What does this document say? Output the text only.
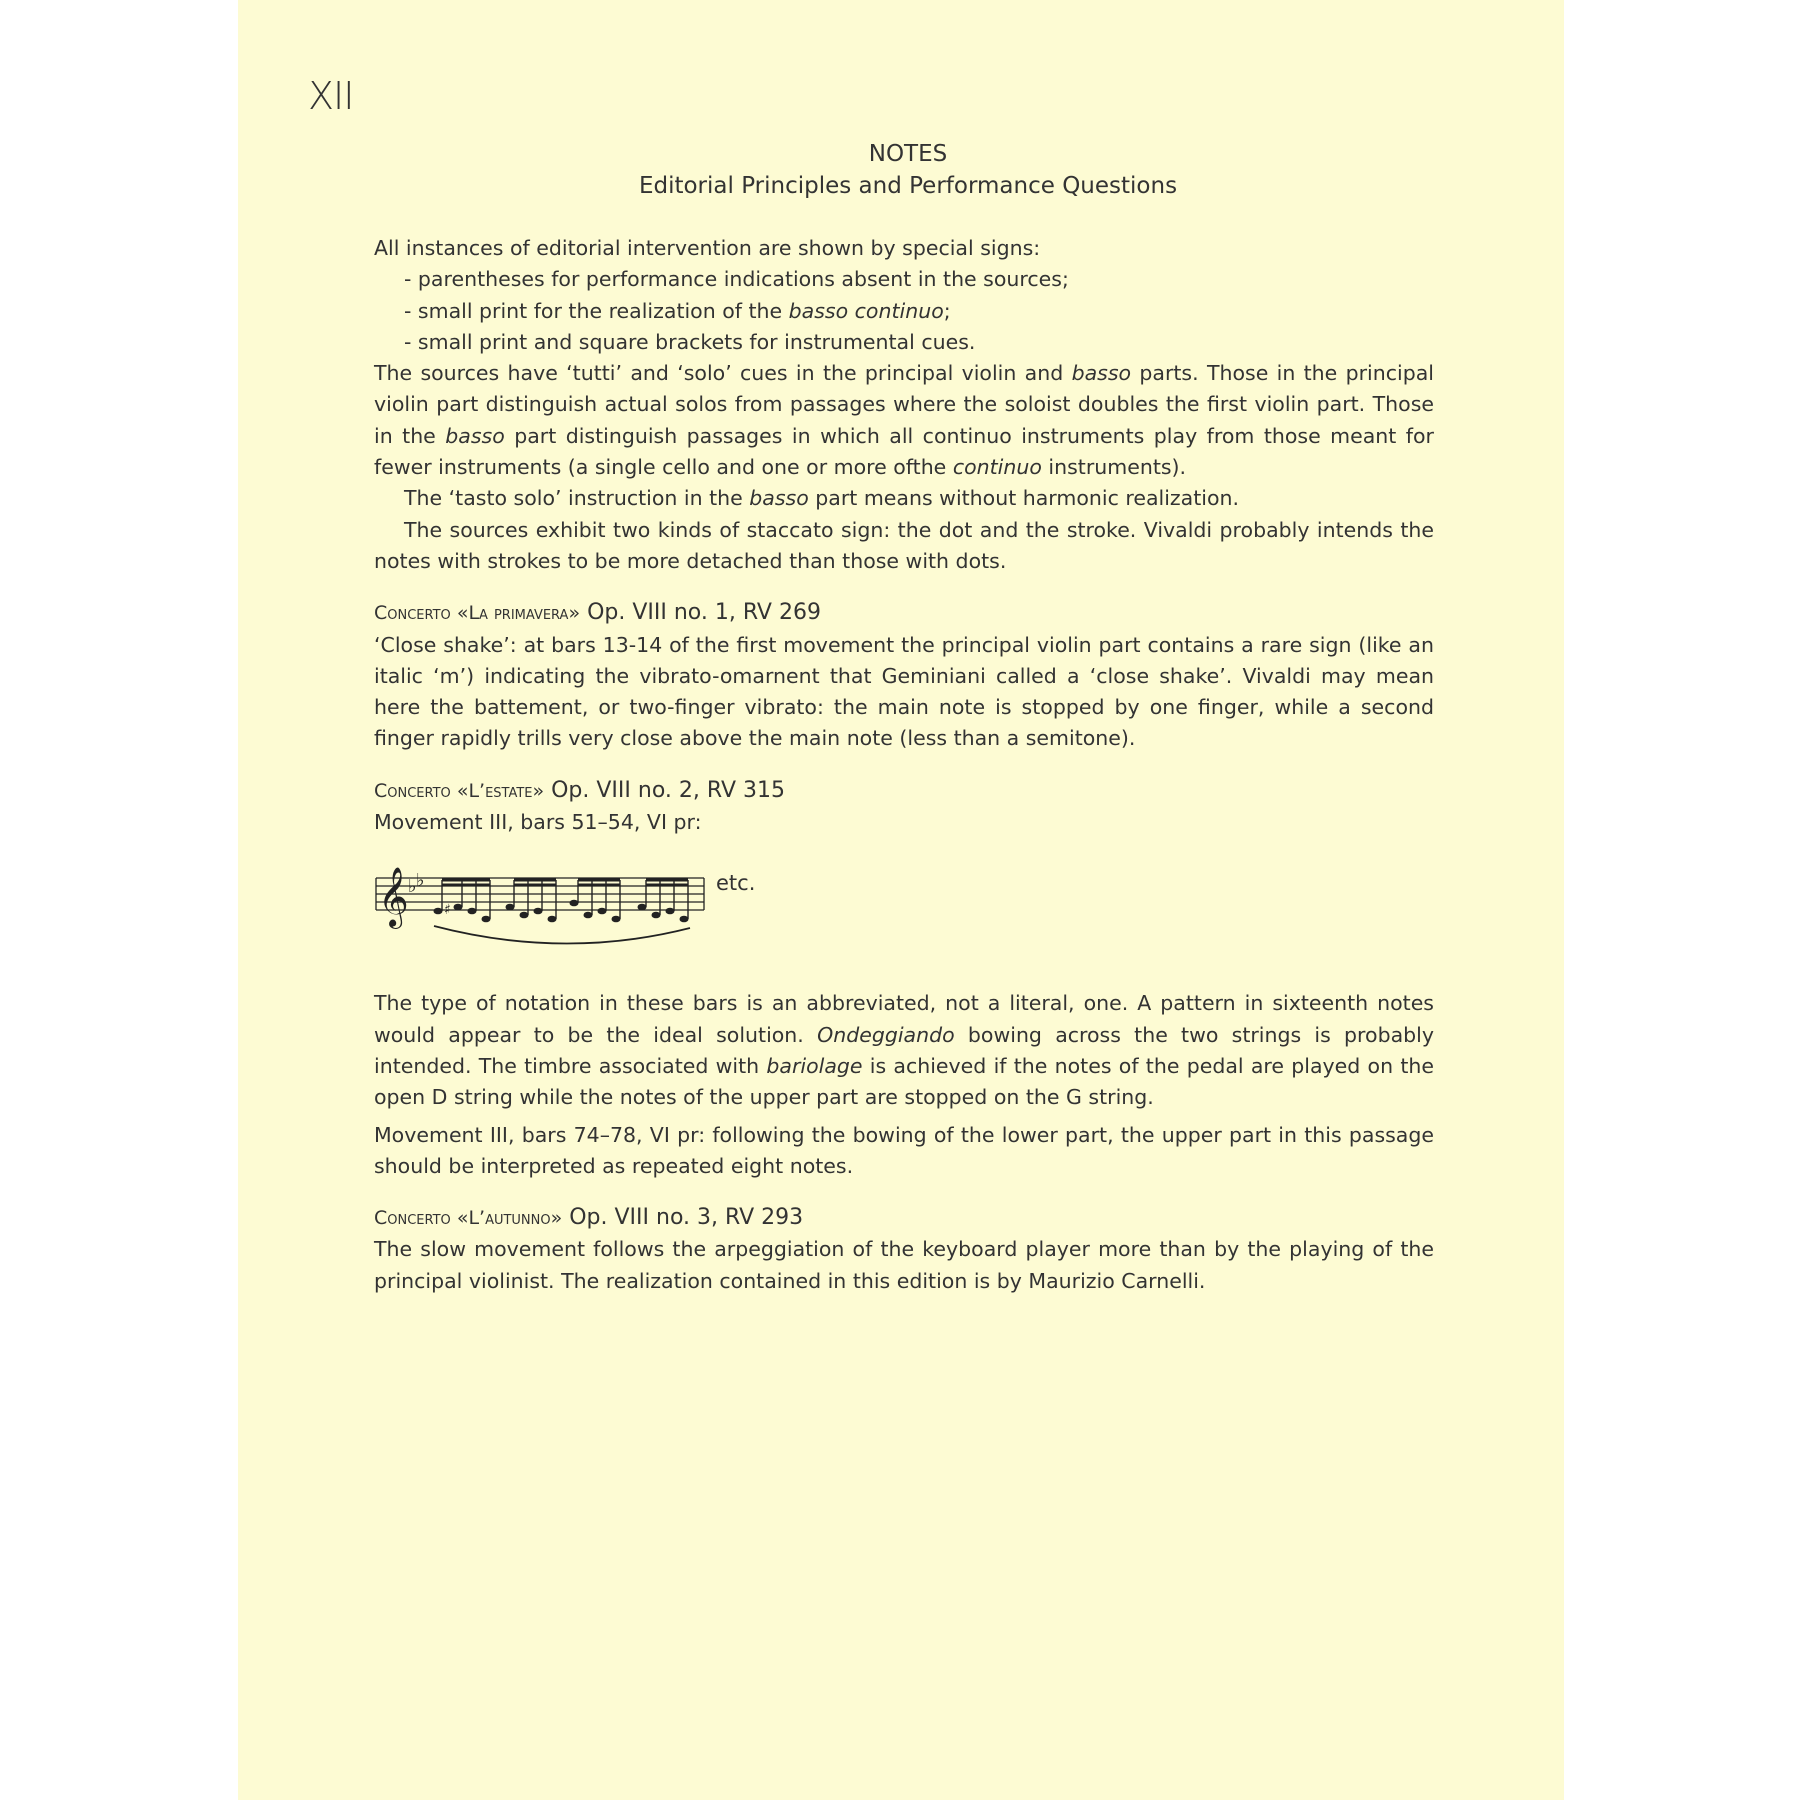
XII
NOTES
Editorial Principles and Performance Questions

All instances of editorial intervention are shown by special signs:

- parentheses for performance indications absent in the sources;

- small print for the realization of the basso continuo;

- small print and square brackets for instrumental cues.

The sources have ‘tutti’ and ‘solo’ cues in the principal violin and basso parts. Those in the principal violin part distinguish actual solos from passages where the soloist doubles the first violin part. Those in the basso part distinguish passages in which all continuo instruments play from those meant for fewer instruments (a single cello and one or more ofthe continuo instruments).

The ‘tasto solo’ instruction in the basso part means without harmonic realization.

The sources exhibit two kinds of staccato sign: the dot and the stroke. Vivaldi probably intends the notes with strokes to be more detached than those with dots.

Concerto «La primavera» Op. VIII no. 1, RV 269

‘Close shake’: at bars 13-14 of the first movement the principal violin part contains a rare sign (like an italic ‘m’) indicating the vibrato-omarnent that Geminiani called a ‘close shake’. Vivaldi may mean here the battement, or two-finger vibrato: the main note is stopped by one finger, while a second finger rapidly trills very close above the main note (less than a semitone).

Concerto «L’estate» Op. VIII no. 2, RV 315

Movement III, bars 51–54, VI pr:

𝄞 ♭ ♭
♯
etc.

The type of notation in these bars is an abbreviated, not a literal, one. A pattern in sixteenth notes would appear to be the ideal solution. Ondeggiando bowing across the two strings is probably intended. The timbre associated with bariolage is achieved if the notes of the pedal are played on the open D string while the notes of the upper part are stopped on the G string.

Movement III, bars 74–78, VI pr: following the bowing of the lower part, the upper part in this passage should be interpreted as repeated eight notes.

Concerto «L’autunno» Op. VIII no. 3, RV 293

The slow movement follows the arpeggiation of the keyboard player more than by the playing of the principal violinist. The realization contained in this edition is by Maurizio Carnelli.
